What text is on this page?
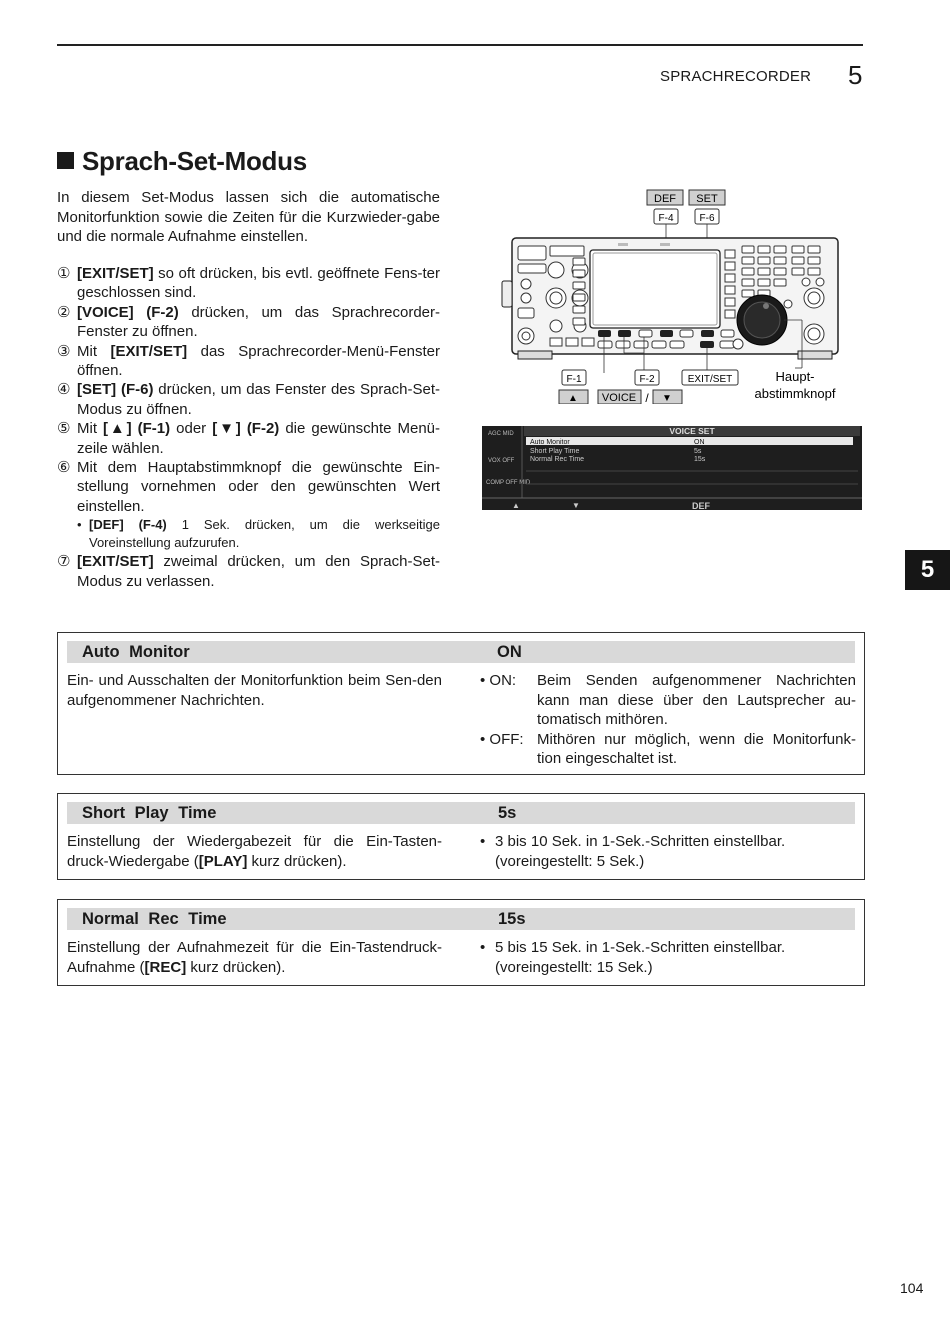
SPRACHRECORDER 5
Sprach-Set-Modus
In diesem Set-Modus lassen sich die automatische Monitorfunktion sowie die Zeiten für die Kurzwieder-gabe und die normale Aufnahme einstellen.
① [EXIT/SET] so oft drücken, bis evtl. geöffnete Fens-ter geschlossen sind.
② [VOICE] (F-2) drücken, um das Sprachrecorder-Fenster zu öffnen.
③ Mit [EXIT/SET] das Sprachrecorder-Menü-Fenster öffnen.
④ [SET] (F-6) drücken, um das Fenster des Sprach-Set-Modus zu öffnen.
⑤ Mit [▲] (F-1) oder [▼] (F-2) die gewünschte Menü-zeile wählen.
⑥ Mit dem Hauptabstimmknopf die gewünschte Ein-stellung vornehmen oder den gewünschten Wert einstellen.
• [DEF] (F-4) 1 Sek. drücken, um die werkseitige Voreinstellung aufzurufen.
⑦ [EXIT/SET] zweimal drücken, um den Sprach-Set-Modus zu verlassen.
DEF SET
F-4	F-6
F-1	F-2	EXIT/SET	Haupt-
abstimmknopf
▲ VOICE / ▼
VOICE SET
AGC MID
VOX OFF
COMP OFF MID
Auto Monitor	ON
Short Play Time	5s
Normal Rec Time	15s
▲	▼	DEF
5
Auto Monitor	ON
Ein- und Ausschalten der Monitorfunktion beim Sen-den aufgenommener Nachrichten.
• ON: Beim Senden aufgenommener Nachrichten kann man diese über den Lautsprecher au-tomatisch mithören.
• OFF: Mithören nur möglich, wenn die Monitorfunk-tion eingeschaltet ist.
Short Play Time	5s
Einstellung der Wiedergabezeit für die Ein-Tasten-druck-Wiedergabe ([PLAY] kurz drücken).
• 3 bis 10 Sek. in 1-Sek.-Schritten einstellbar.
(voreingestellt: 5 Sek.)
Normal Rec Time	15s
Einstellung der Aufnahmezeit für die Ein-Tastendruck-Aufnahme ([REC] kurz drücken).
• 5 bis 15 Sek. in 1-Sek.-Schritten einstellbar.
(voreingestellt: 15 Sek.)
104
